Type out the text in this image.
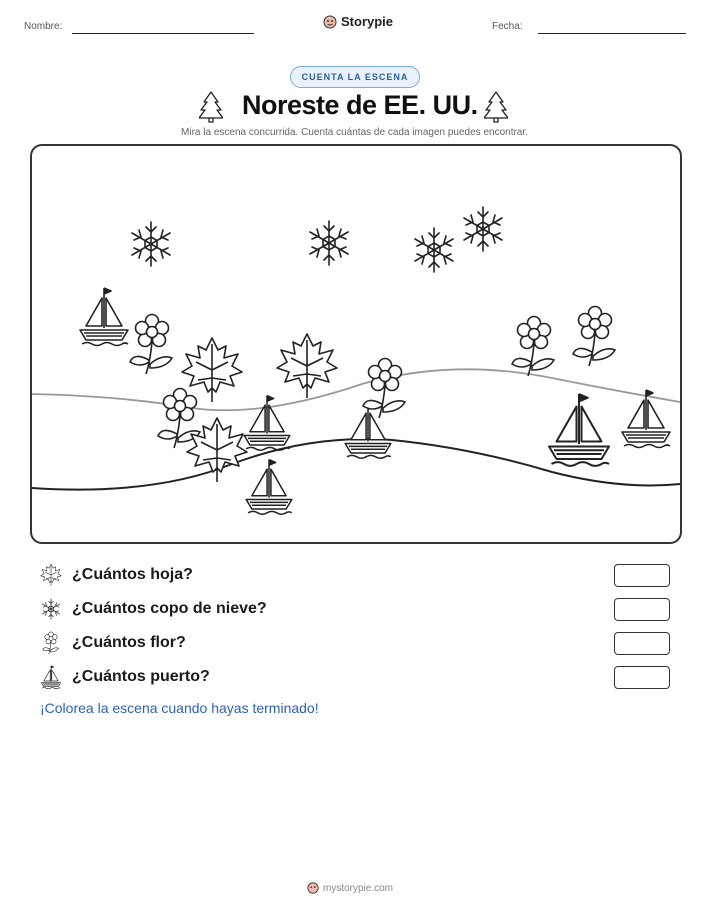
Nombre:	Storypie	Fecha:
CUENTA LA ESCENA
Noreste de EE. UU.
Mira la escena concurrida. Cuenta cuántas de cada imagen puedes encontrar.
¿Cuántos hoja?
¿Cuántos copo de nieve?
¿Cuántos flor?
¿Cuántos puerto?
¡Colorea la escena cuando hayas terminado!
mystorypie.com
